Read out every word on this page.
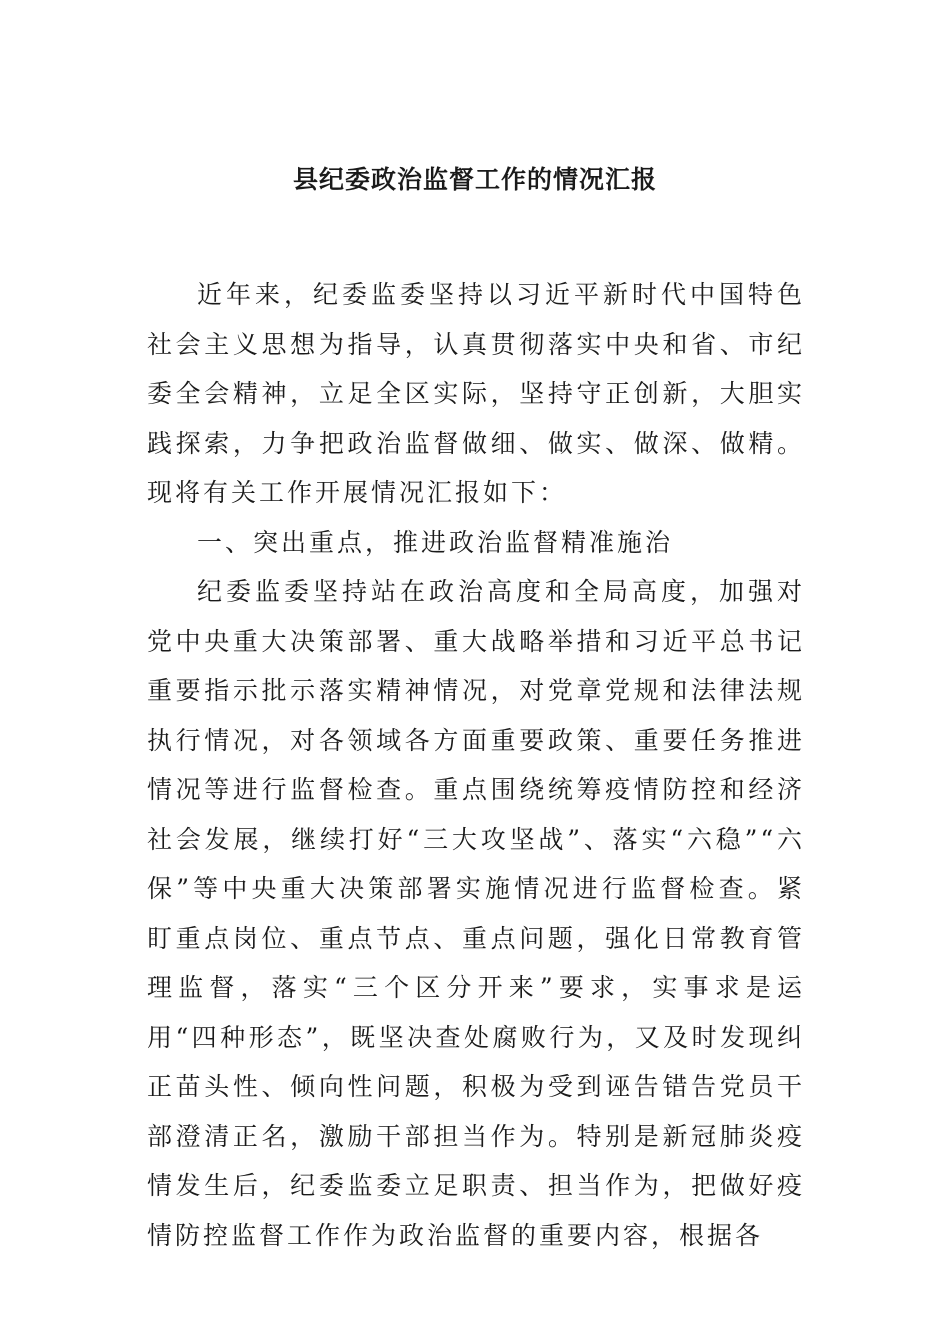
县纪委政治监督工作的情况汇报

近年来，纪委监委坚持以习近平新时代中国特色社会主义思想为指导，认真贯彻落实中央和省、市纪委全会精神，立足全区实际，坚持守正创新，大胆实践探索，力争把政治监督做细、做实、做深、做精。现将有关工作开展情况汇报如下：

一、突出重点，推进政治监督精准施治

纪委监委坚持站在政治高度和全局高度，加强对党中央重大决策部署、重大战略举措和习近平总书记重要指示批示落实精神情况，对党章党规和法律法规执行情况，对各领域各方面重要政策、重要任务推进情况等进行监督检查。重点围绕统筹疫情防控和经济社会发展，继续打好“三大攻坚战”、落实“六稳”“六保”等中央重大决策部署实施情况进行监督检查。紧盯重点岗位、重点节点、重点问题，强化日常教育管理监督，落实“三个区分开来”要求，实事求是运用“四种形态”，既坚决查处腐败行为，又及时发现纠正苗头性、倾向性问题，积极为受到诬告错告党员干部澄清正名，激励干部担当作为。特别是新冠肺炎疫情发生后，纪委监委立足职责、担当作为，把做好疫情防控监督工作作为政治监督的重要内容，根据各
